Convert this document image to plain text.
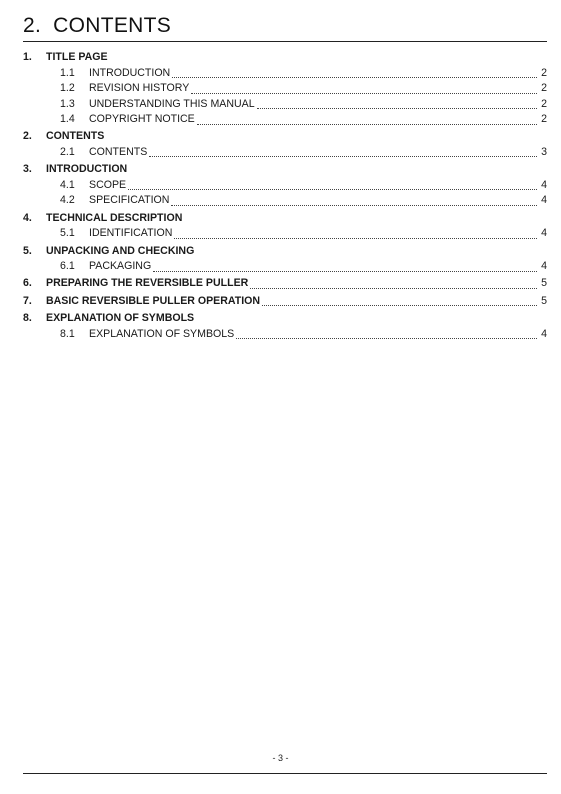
2. CONTENTS
1.	TITLE PAGE
1.1	INTRODUCTION	2
1.2	REVISION HISTORY	2
1.3	UNDERSTANDING THIS MANUAL	2
1.4	COPYRIGHT NOTICE	2
2.	CONTENTS
2.1	CONTENTS	3
3.	INTRODUCTION
4.1	SCOPE	4
4.2	SPECIFICATION	4
4.	TECHNICAL DESCRIPTION
5.1	IDENTIFICATION	4
5.	UNPACKING AND CHECKING
6.1	PACKAGING	4
6.	PREPARING THE REVERSIBLE PULLER	5
7.	BASIC REVERSIBLE PULLER OPERATION	5
8.	EXPLANATION OF SYMBOLS
8.1	EXPLANATION OF SYMBOLS	4
- 3 -
